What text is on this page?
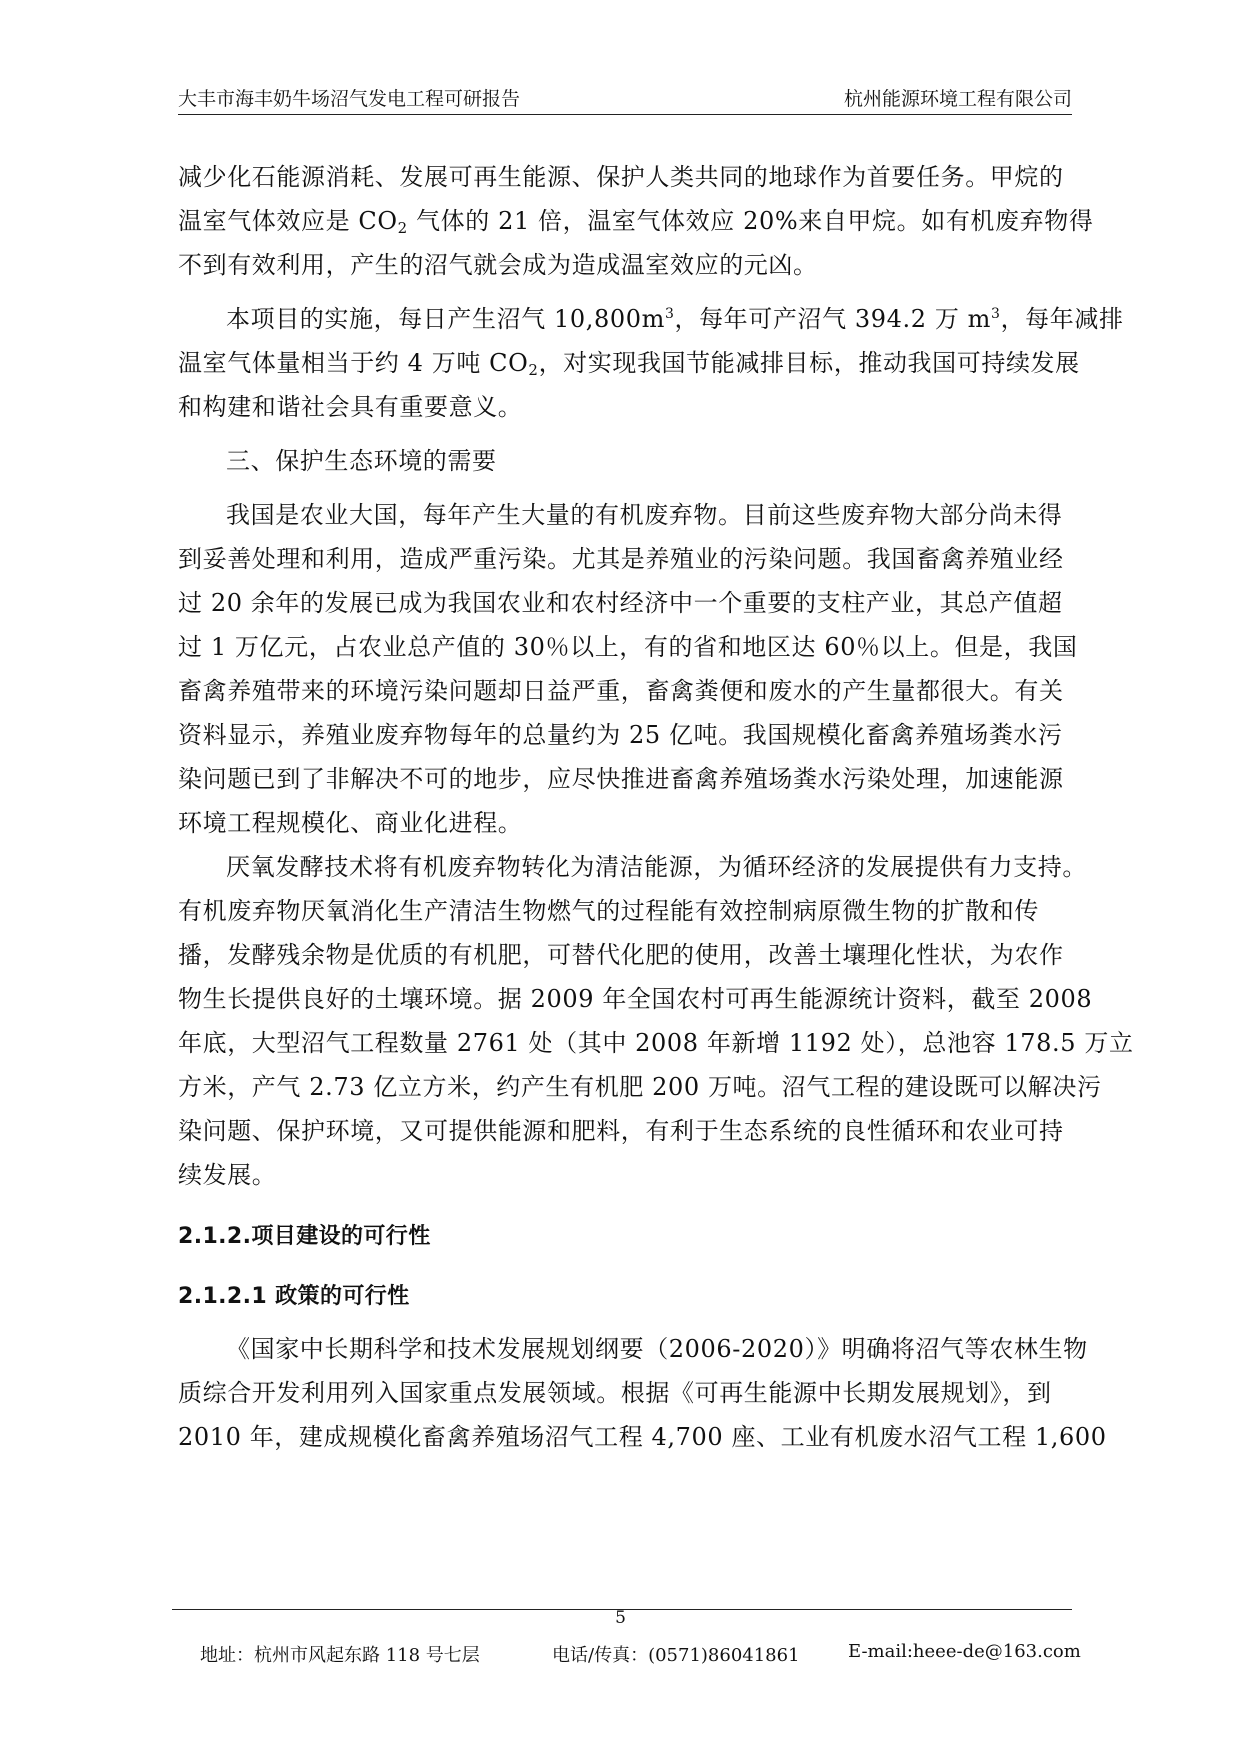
大丰市海丰奶牛场沼气发电工程可研报告	杭州能源环境工程有限公司
减少化石能源消耗、发展可再生能源、保护人类共同的地球作为首要任务。甲烷的
温室气体效应是 $CO_2$ 气体的 21 倍，温室气体效应 20%来自甲烷。如有机废弃物得
不到有效利用，产生的沼气就会成为造成温室效应的元凶。
本项目的实施，每日产生沼气 $10,800m^3$，每年可产沼气 394.2 万 $m^3$，每年减排
温室气体量相当于约 4 万吨 $CO_2$，对实现我国节能减排目标，推动我国可持续发展
和构建和谐社会具有重要意义。
三、保护生态环境的需要
我国是农业大国，每年产生大量的有机废弃物。目前这些废弃物大部分尚未得
到妥善处理和利用，造成严重污染。尤其是养殖业的污染问题。我国畜禽养殖业经
过 20 余年的发展已成为我国农业和农村经济中一个重要的支柱产业，其总产值超
过 1 万亿元，占农业总产值的 30％以上，有的省和地区达 60％以上。但是，我国
畜禽养殖带来的环境污染问题却日益严重，畜禽粪便和废水的产生量都很大。有关
资料显示，养殖业废弃物每年的总量约为 25 亿吨。我国规模化畜禽养殖场粪水污
染问题已到了非解决不可的地步，应尽快推进畜禽养殖场粪水污染处理，加速能源
环境工程规模化、商业化进程。
厌氧发酵技术将有机废弃物转化为清洁能源，为循环经济的发展提供有力支持。
有机废弃物厌氧消化生产清洁生物燃气的过程能有效控制病原微生物的扩散和传
播，发酵残余物是优质的有机肥，可替代化肥的使用，改善土壤理化性状，为农作
物生长提供良好的土壤环境。据 2009 年全国农村可再生能源统计资料，截至 2008
年底，大型沼气工程数量 2761 处（其中 2008 年新增 1192 处），总池容 178.5 万立
方米，产气 2.73 亿立方米，约产生有机肥 200 万吨。沼气工程的建设既可以解决污
染问题、保护环境，又可提供能源和肥料，有利于生态系统的良性循环和农业可持
续发展。
2.1.2.项目建设的可行性
2.1.2.1 政策的可行性
《国家中长期科学和技术发展规划纲要（2006-2020）》明确将沼气等农林生物
质综合开发利用列入国家重点发展领域。根据《可再生能源中长期发展规划》，到
2010 年，建成规模化畜禽养殖场沼气工程 4,700 座、工业有机废水沼气工程 1,600
5
地址：杭州市风起东路 118 号七层	电话/传真：(0571)86041861	E-mail:heee-de@163.com
